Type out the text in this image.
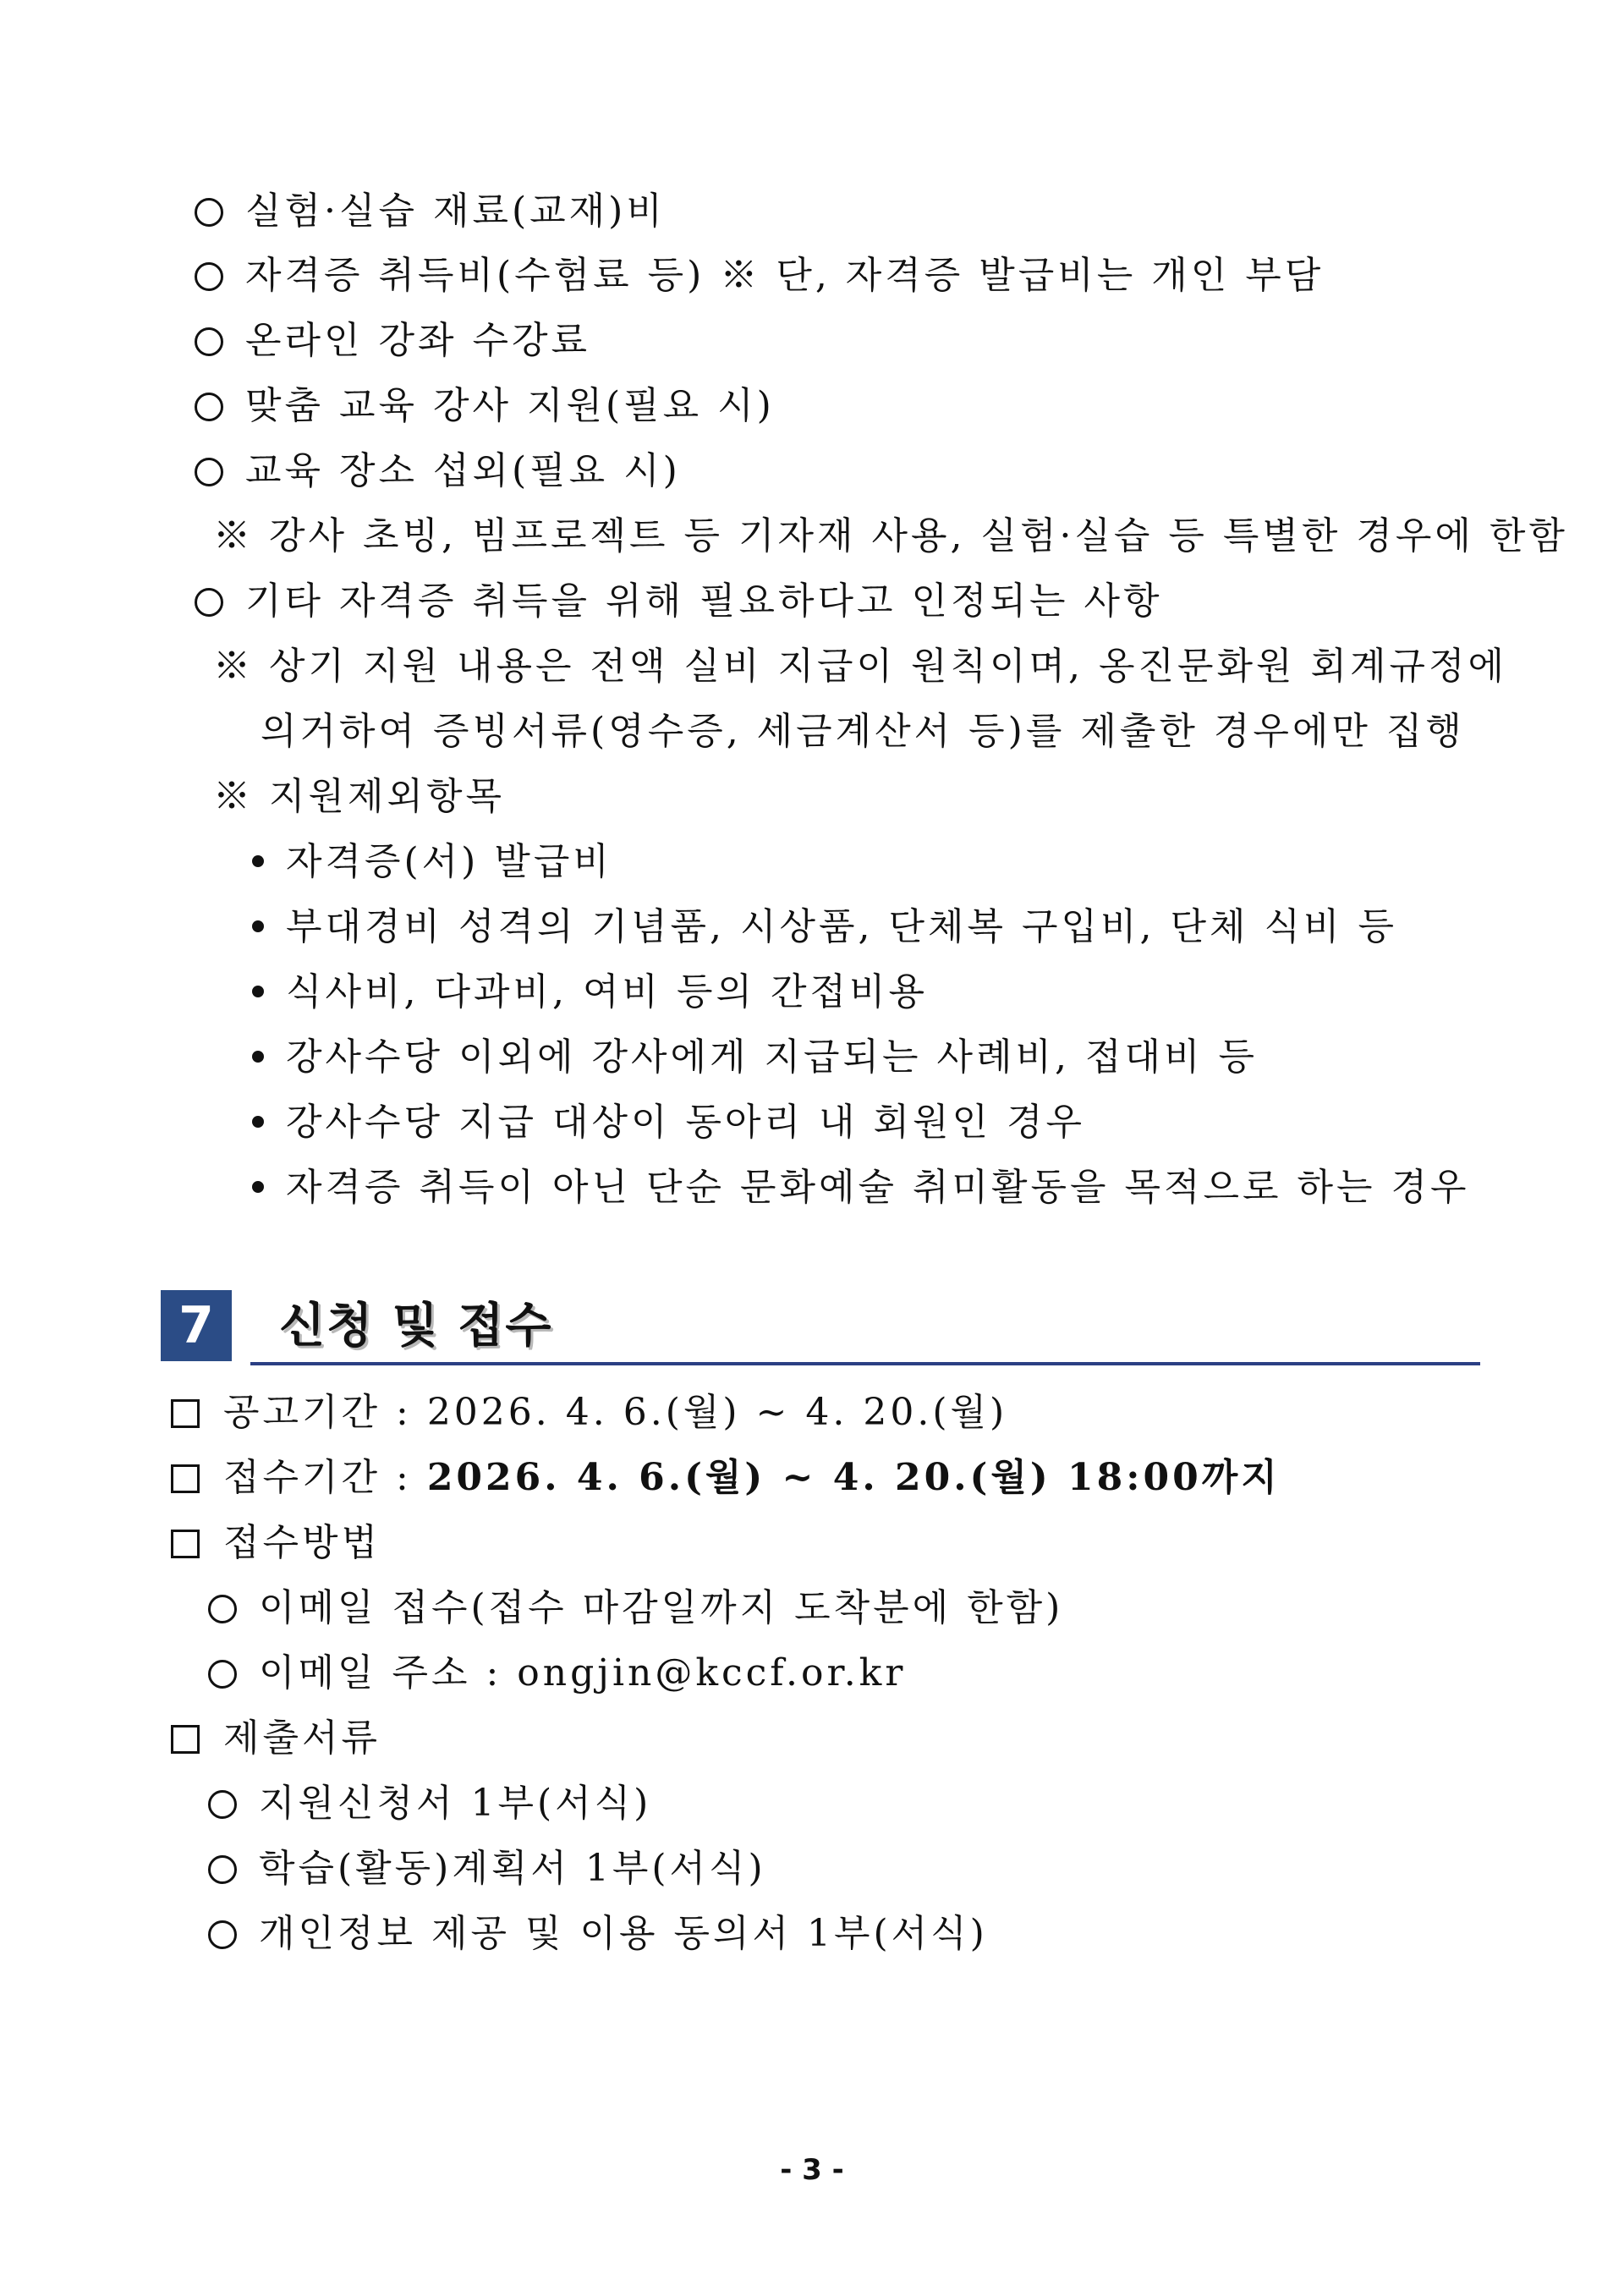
실험·실습 재료(교재)비
자격증 취득비(수험료 등) ※ 단, 자격증 발급비는 개인 부담
온라인 강좌 수강료
맞춤 교육 강사 지원(필요 시)
교육 장소 섭외(필요 시)
※ 강사 초빙, 빔프로젝트 등 기자재 사용, 실험·실습 등 특별한 경우에 한함
기타 자격증 취득을 위해 필요하다고 인정되는 사항
※ 상기 지원 내용은 전액 실비 지급이 원칙이며, 옹진문화원 회계규정에
의거하여 증빙서류(영수증, 세금계산서 등)를 제출한 경우에만 집행
※ 지원제외항목
자격증(서) 발급비
부대경비 성격의 기념품, 시상품, 단체복 구입비, 단체 식비 등
식사비, 다과비, 여비 등의 간접비용
강사수당 이외에 강사에게 지급되는 사례비, 접대비 등
강사수당 지급 대상이 동아리 내 회원인 경우
자격증 취득이 아닌 단순 문화예술 취미활동을 목적으로 하는 경우
7	신청 및 접수
공고기간 : 2026. 4. 6.(월) ~ 4. 20.(월)
접수기간 : 2026. 4. 6.(월) ~ 4. 20.(월) 18:00까지
접수방법
이메일 접수(접수 마감일까지 도착분에 한함)
이메일 주소 : ongjin@kccf.or.kr
제출서류
지원신청서 1부(서식)
학습(활동)계획서 1부(서식)
개인정보 제공 및 이용 동의서 1부(서식)
- 3 -
